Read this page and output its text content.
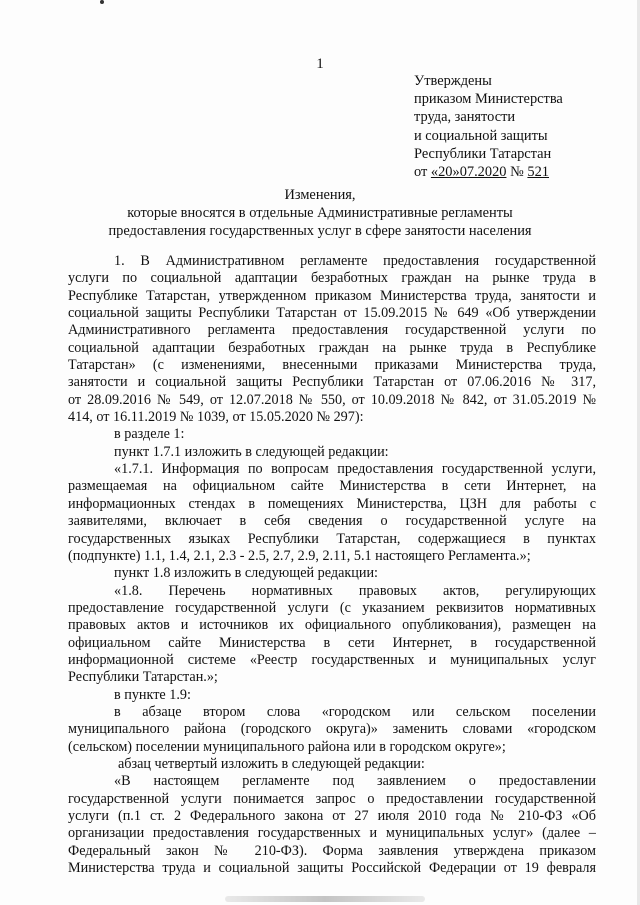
1
Утверждены
приказом Министерства
труда, занятости
и социальной защиты
Республики Татарстан
от «20»07.2020 № 521
Изменения,
которые вносятся в отдельные Административные регламенты
предоставления государственных услуг в сфере занятости населения
1. В Административном регламенте предоставления государственной
услуги по социальной адаптации безработных граждан на рынке труда в
Республике Татарстан, утвержденном приказом Министерства труда, занятости и
социальной защиты Республики Татарстан от 15.09.2015 № 649 «Об утверждении
Административного регламента предоставления государственной услуги по
социальной адаптации безработных граждан на рынке труда в Республике
Татарстан» (с изменениями, внесенными приказами Министерства труда,
занятости и социальной защиты Республики Татарстан от 07.06.2016 № 317,
от 28.09.2016 № 549, от 12.07.2018 № 550, от 10.09.2018 № 842, от 31.05.2019 №
414, от 16.11.2019 № 1039, от 15.05.2020 № 297):
в разделе 1:
пункт 1.7.1 изложить в следующей редакции:
«1.7.1. Информация по вопросам предоставления государственной услуги,
размещаемая на официальном сайте Министерства в сети Интернет, на
информационных стендах в помещениях Министерства, ЦЗН для работы с
заявителями, включает в себя сведения о государственной услуге на
государственных языках Республики Татарстан, содержащиеся в пунктах
(подпункте) 1.1, 1.4, 2.1, 2.3 - 2.5, 2.7, 2.9, 2.11, 5.1 настоящего Регламента.»;
пункт 1.8 изложить в следующей редакции:
«1.8. Перечень нормативных правовых актов, регулирующих
предоставление государственной услуги (с указанием реквизитов нормативных
правовых актов и источников их официального опубликования), размещен на
официальном сайте Министерства в сети Интернет, в государственной
информационной системе «Реестр государственных и муниципальных услуг
Республики Татарстан.»;
в пункте 1.9:
в абзаце втором слова «городском или сельском поселении
муниципального района (городского округа)» заменить словами «городском
(сельском) поселении муниципального района или в городском округе»;
абзац четвертый изложить в следующей редакции:
«В настоящем регламенте под заявлением о предоставлении
государственной услуги понимается запрос о предоставлении государственной
услуги (п.1 ст. 2 Федерального закона от 27 июля 2010 года № 210-ФЗ «Об
организации предоставления государственных и муниципальных услуг» (далее –
Федеральный закон № 210-ФЗ). Форма заявления утверждена приказом
Министерства труда и социальной защиты Российской Федерации от 19 февраля
